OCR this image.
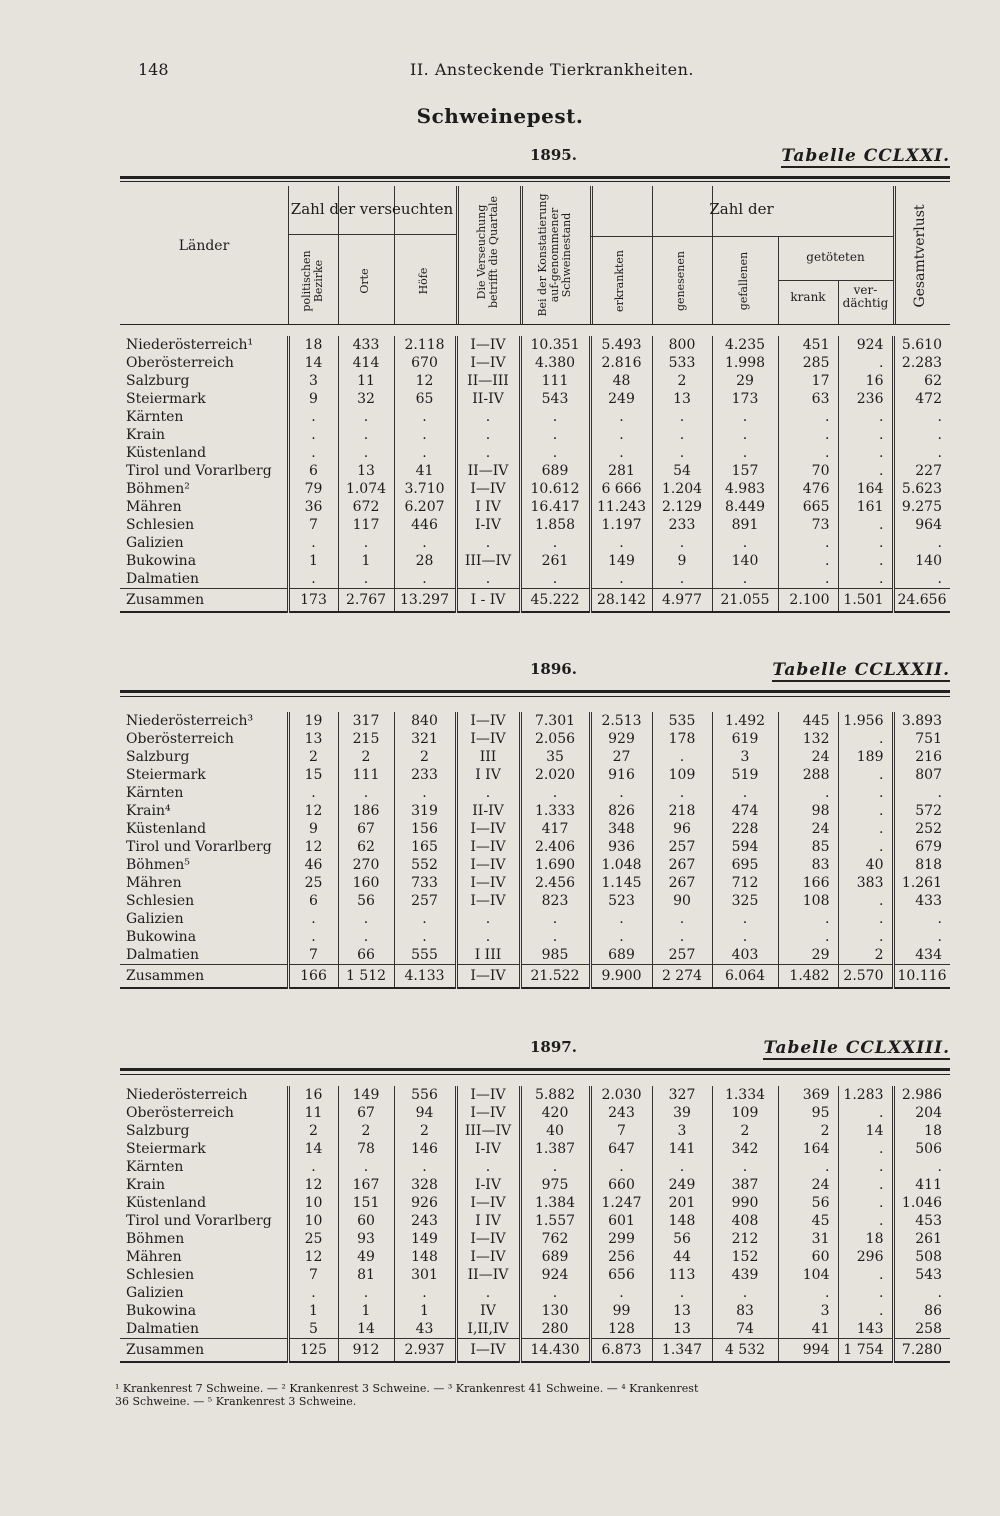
148	II. Ansteckende Tierkrankheiten.
Schweinepest.
1895.	Tabelle CCLXXI.
Länder
Zahl der verseuchten
politischen Bezirke	Orte	Höfe	Die Verseuchung betrifft die Quartale	Bei der Konstatierung auf-genommener Schweinestand
Zahl der
erkrankten	genesenen	gefallenen	getöteten
krank	ver-dächtig	Gesamtverlust
Niederösterreich¹	18	433	2.118	I—IV	10.351	5.493	800	4.235	451	924	5.610
Oberösterreich	14	414	670	I—IV	4.380	2.816	533	1.998	285	.	2.283
Salzburg	3	11	12	II—III	111	48	2	29	17	16	62
Steiermark	9	32	65	II-IV	543	249	13	173	63	236	472
Kärnten	.	.	.	.	.	.	.	.	.	.	.
Krain	.	.	.	.	.	.	.	.	.	.	.
Küstenland	.	.	.	.	.	.	.	.	.	.	.
Tirol und Vorarlberg	6	13	41	II—IV	689	281	54	157	70	.	227
Böhmen²	79	1.074	3.710	I—IV	10.612	6 666	1.204	4.983	476	164	5.623
Mähren	36	672	6.207	I IV	16.417	11.243	2.129	8.449	665	161	9.275
Schlesien	7	117	446	I-IV	1.858	1.197	233	891	73	.	964
Galizien	.	.	.	.	.	.	.	.	.	.	.
Bukowina	1	1	28	III—IV	261	149	9	140	.	.	140
Dalmatien	.	.	.	.	.	.	.	.	.	.	.
Zusammen	173	2.767	13.297	I - IV	45.222	28.142	4.977	21.055	2.100	1.501	24.656
1896.	Tabelle CCLXXII.
Niederösterreich³	19	317	840	I—IV	7.301	2.513	535	1.492	445	1.956	3.893
Oberösterreich	13	215	321	I—IV	2.056	929	178	619	132	.	751
Salzburg	2	2	2	III	35	27	.	3	24	189	216
Steiermark	15	111	233	I IV	2.020	916	109	519	288	.	807
Kärnten	.	.	.	.	.	.	.	.	.	.	.
Krain⁴	12	186	319	II-IV	1.333	826	218	474	98	.	572
Küstenland	9	67	156	I—IV	417	348	96	228	24	.	252
Tirol und Vorarlberg	12	62	165	I—IV	2.406	936	257	594	85	.	679
Böhmen⁵	46	270	552	I—IV	1.690	1.048	267	695	83	40	818
Mähren	25	160	733	I—IV	2.456	1.145	267	712	166	383	1.261
Schlesien	6	56	257	I—IV	823	523	90	325	108	.	433
Galizien	.	.	.	.	.	.	.	.	.	.	.
Bukowina	.	.	.	.	.	.	.	.	.	.	.
Dalmatien	7	66	555	I III	985	689	257	403	29	2	434
Zusammen	166	1 512	4.133	I—IV	21.522	9.900	2 274	6.064	1.482	2.570	10.116
1897.	Tabelle CCLXXIII.
Niederösterreich	16	149	556	I—IV	5.882	2.030	327	1.334	369	1.283	2.986
Oberösterreich	11	67	94	I—IV	420	243	39	109	95	.	204
Salzburg	2	2	2	III—IV	40	7	3	2	2	14	18
Steiermark	14	78	146	I-IV	1.387	647	141	342	164	.	506
Kärnten	.	.	.	.	.	.	.	.	.	.	.
Krain	12	167	328	I-IV	975	660	249	387	24	.	411
Küstenland	10	151	926	I—IV	1.384	1.247	201	990	56	.	1.046
Tirol und Vorarlberg	10	60	243	I IV	1.557	601	148	408	45	.	453
Böhmen	25	93	149	I—IV	762	299	56	212	31	18	261
Mähren	12	49	148	I—IV	689	256	44	152	60	296	508
Schlesien	7	81	301	II—IV	924	656	113	439	104	.	543
Galizien	.	.	.	.	.	.	.	.	.	.	.
Bukowina	1	1	1	IV	130	99	13	83	3	.	86
Dalmatien	5	14	43	I,II,IV	280	128	13	74	41	143	258
Zusammen	125	912	2.937	I—IV	14.430	6.873	1.347	4 532	994	1 754	7.280
¹ Krankenrest 7 Schweine. — ² Krankenrest 3 Schweine. — ³ Krankenrest 41 Schweine. — ⁴ Krankenrest
36 Schweine. — ⁵ Krankenrest 3 Schweine.
